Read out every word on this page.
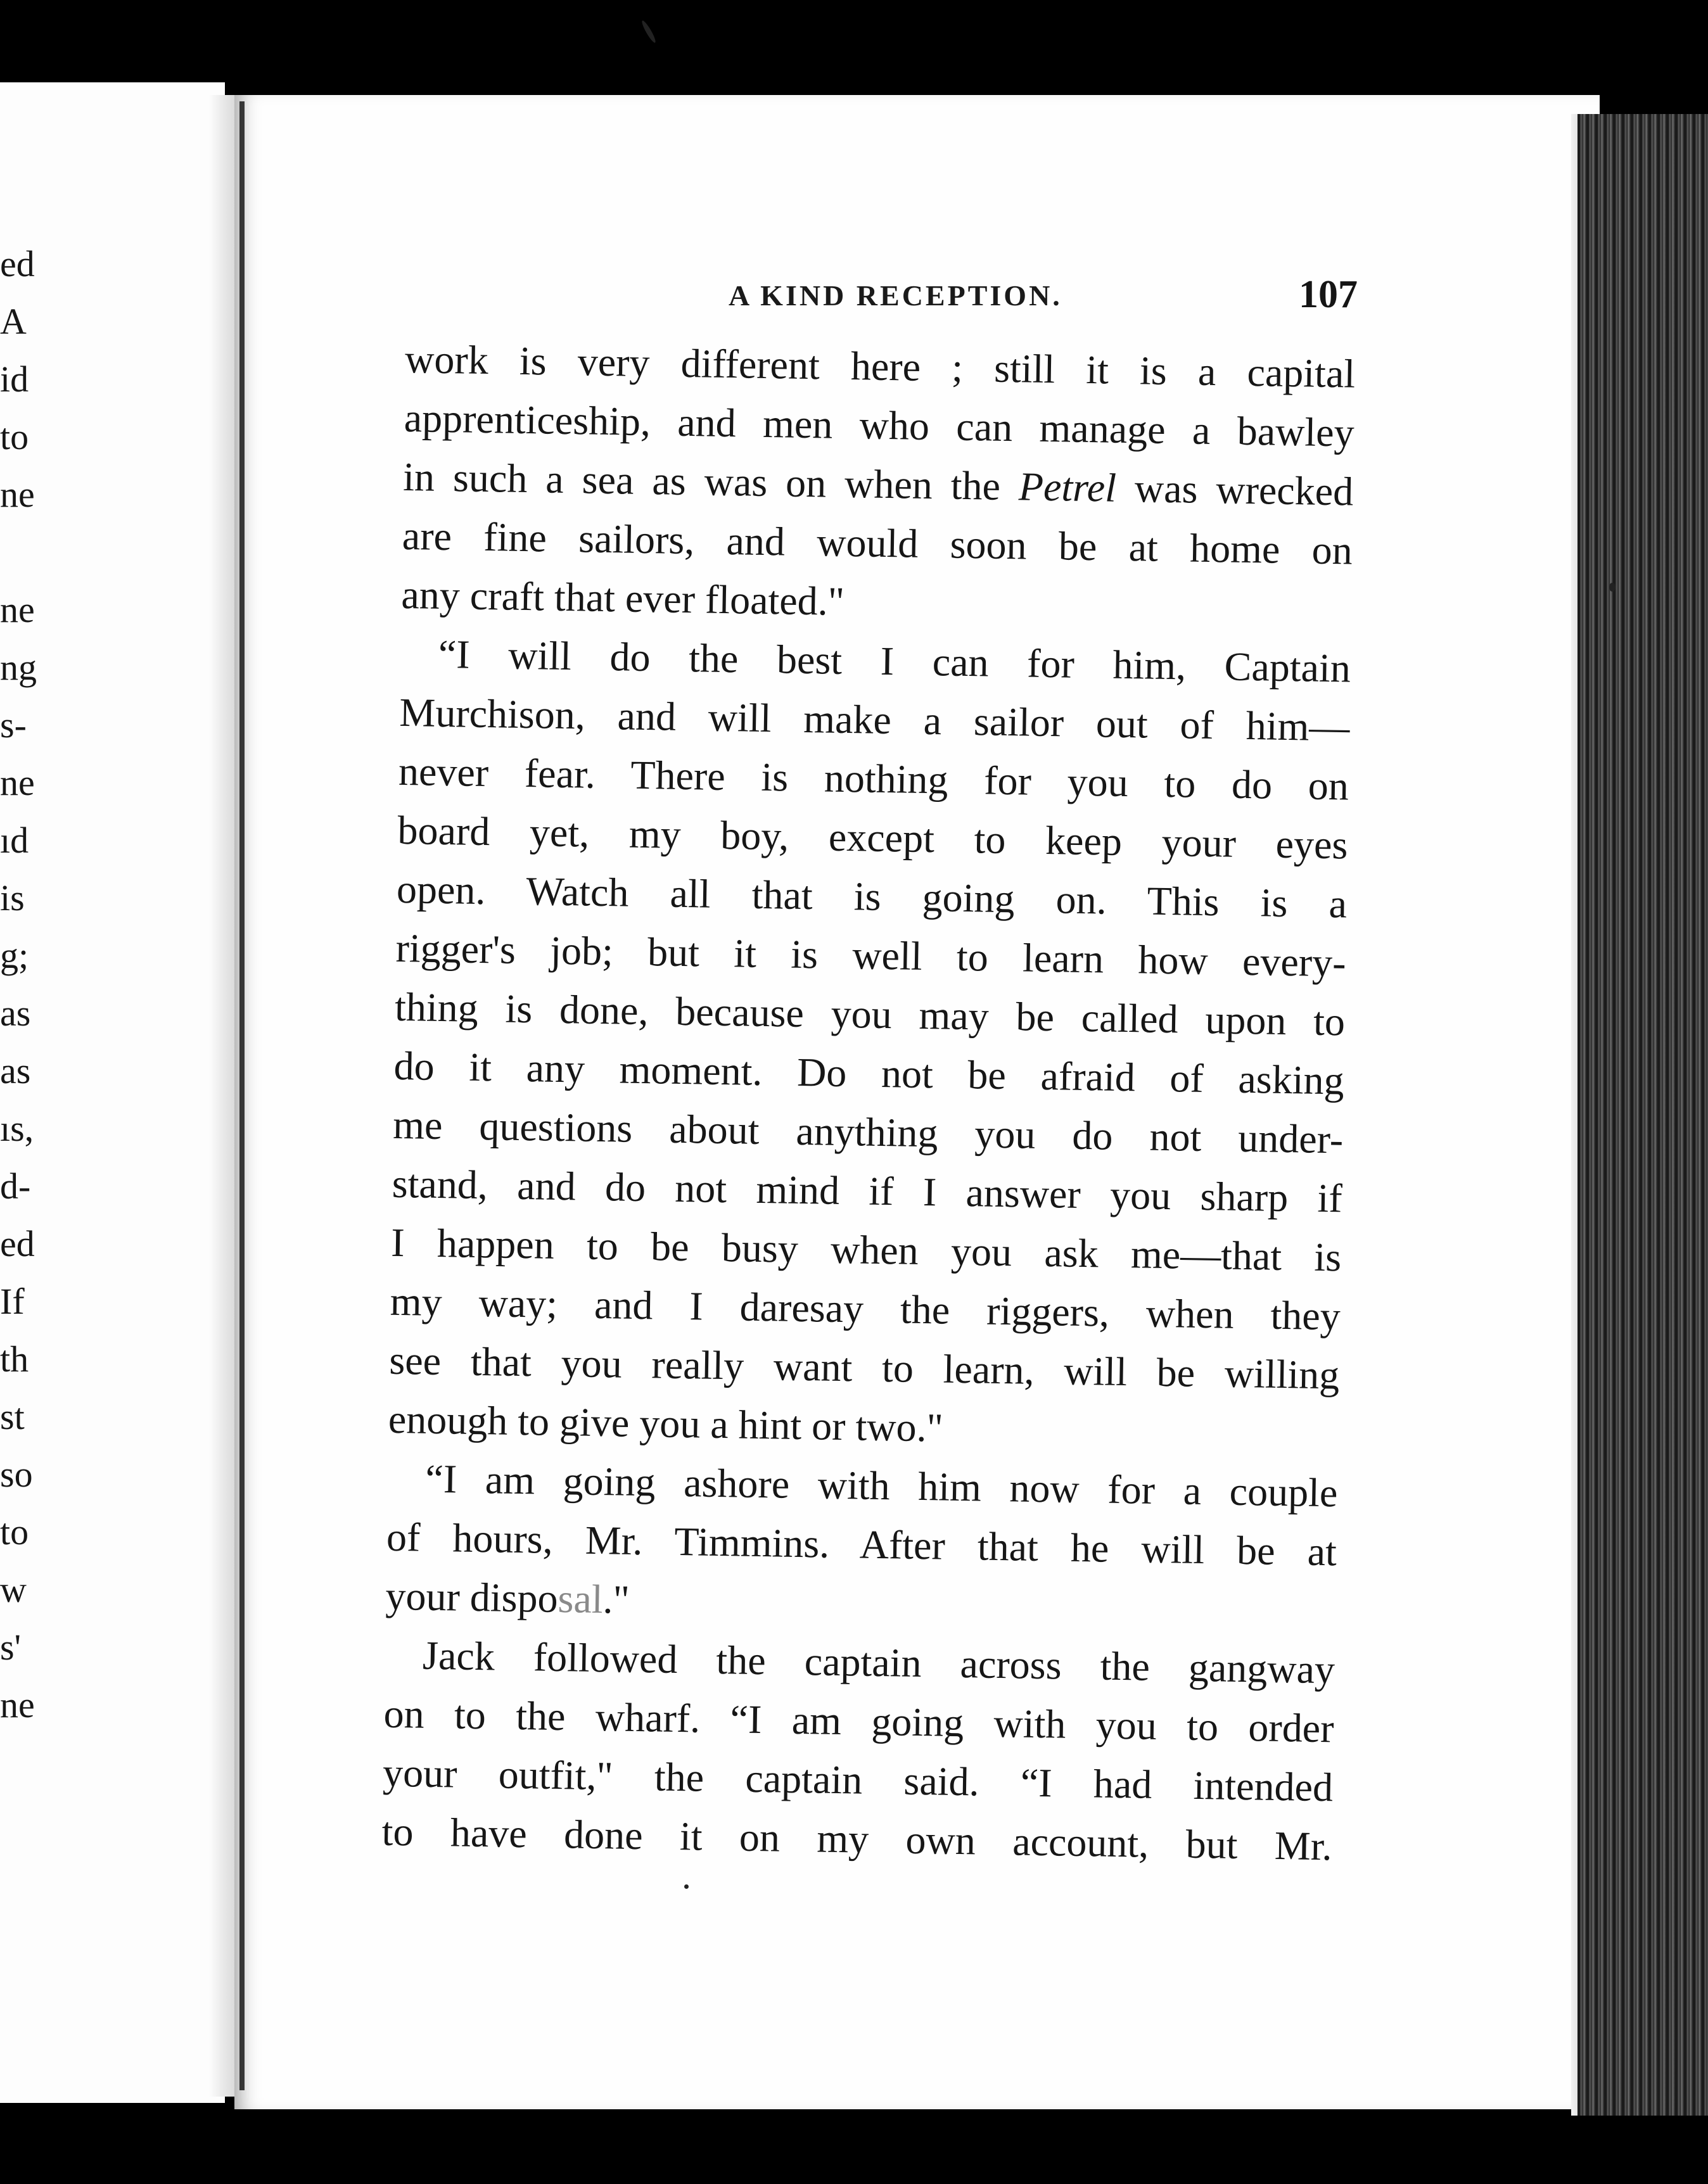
ed
A
id
to
ne
ne
ng
s-
ne
ıd
is
g;
as
as
ıs,
d-
ed
If
th
st
so
to
w
s'
ne
A KIND RECEPTION.	107
work is very different here ; still it is a capital
apprenticeship, and men who can manage a bawley
in such a sea as was on when the Petrel was wrecked
are fine sailors, and would soon be at home on
any craft that ever floated."
“I will do the best I can for him, Captain
Murchison, and will make a sailor out of him—
never fear. There is nothing for you to do on
board yet, my boy, except to keep your eyes
open. Watch all that is going on. This is a
rigger's job; but it is well to learn how every-
thing is done, because you may be called upon to
do it any moment. Do not be afraid of asking
me questions about anything you do not under-
stand, and do not mind if I answer you sharp if
I happen to be busy when you ask me—that is
my way; and I daresay the riggers, when they
see that you really want to learn, will be willing
enough to give you a hint or two."
“I am going ashore with him now for a couple
of hours, Mr. Timmins. After that he will be at
your disposal."
Jack followed the captain across the gangway
on to the wharf. “I am going with you to order
your outfit," the captain said. “I had intended
to have done it on my own account, but Mr.
